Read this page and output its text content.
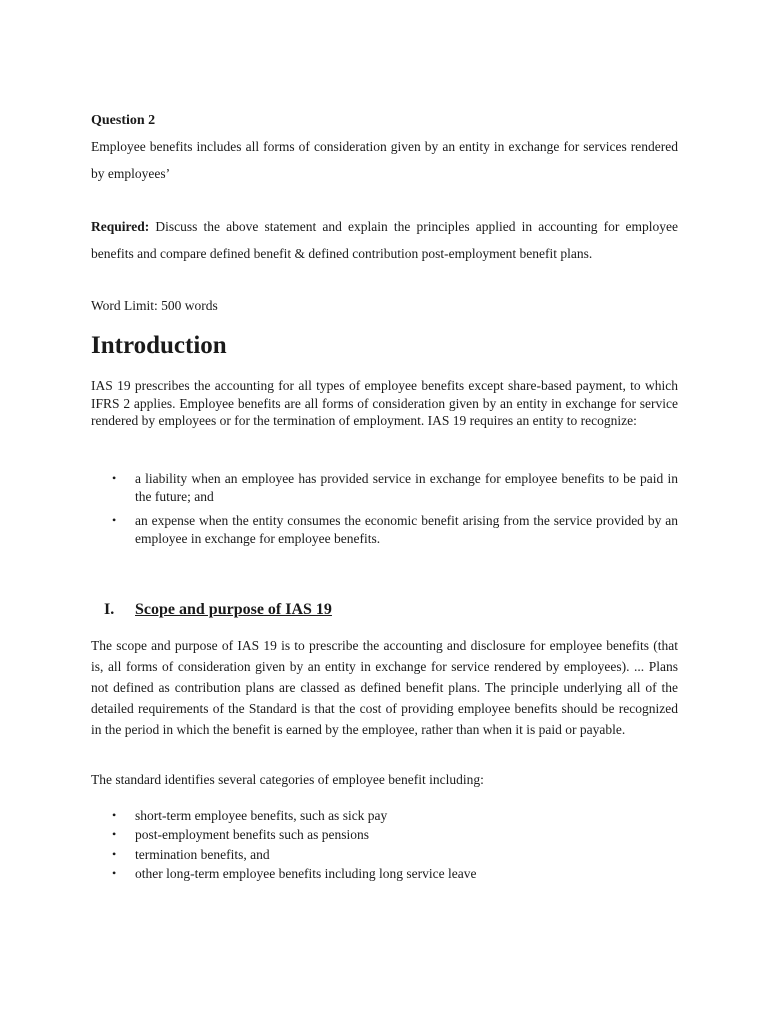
Question 2

Employee benefits includes all forms of consideration given by an entity in exchange for services rendered by employees’

Required: Discuss the above statement and explain the principles applied in accounting for employee benefits and compare defined benefit & defined contribution post-employment benefit plans.

Word Limit: 500 words
Introduction

IAS 19 prescribes the accounting for all types of employee benefits except share-based payment, to which IFRS 2 applies. Employee benefits are all forms of consideration given by an entity in exchange for service rendered by employees or for the termination of employment. IAS 19 requires an entity to recognize:

• a liability when an employee has provided service in exchange for employee benefits to be paid in the future; and
• an expense when the entity consumes the economic benefit arising from the service provided by an employee in exchange for employee benefits.
I. Scope and purpose of IAS 19

The scope and purpose of IAS 19 is to prescribe the accounting and disclosure for employee benefits (that is, all forms of consideration given by an entity in exchange for service rendered by employees). ... Plans not defined as contribution plans are classed as defined benefit plans. The principle underlying all of the detailed requirements of the Standard is that the cost of providing employee benefits should be recognized in the period in which the benefit is earned by the employee, rather than when it is paid or payable.

The standard identifies several categories of employee benefit including:
• short-term employee benefits, such as sick pay
• post-employment benefits such as pensions
• termination benefits, and
• other long-term employee benefits including long service leave
